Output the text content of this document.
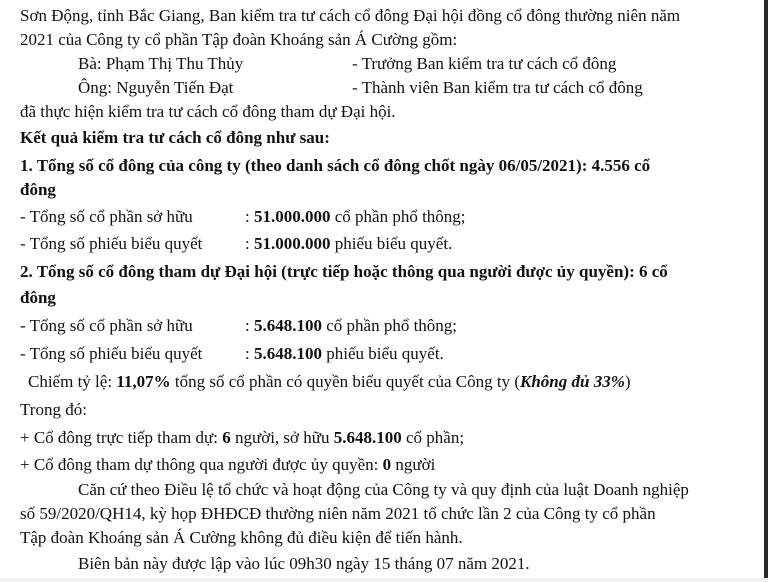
Sơn Động, tỉnh Bắc Giang, Ban kiểm tra tư cách cổ đông Đại hội đồng cổ đông thường niên năm
2021 của Công ty cổ phần Tập đoàn Khoáng sản Á Cường gồm:
Bà: Phạm Thị Thu Thủy	- Trưởng Ban kiểm tra tư cách cổ đông
Ông: Nguyễn Tiến Đạt	- Thành viên Ban kiểm tra tư cách cổ đông
đã thực hiện kiểm tra tư cách cổ đông tham dự Đại hội.
Kết quả kiểm tra tư cách cổ đông như sau:
1. Tổng số cổ đông của công ty (theo danh sách cổ đông chốt ngày 06/05/2021): 4.556 cổ
đông
- Tổng số cổ phần sở hữu	: 51.000.000 cổ phần phổ thông;
- Tổng số phiếu biểu quyết	: 51.000.000 phiếu biểu quyết.
2. Tổng số cổ đông tham dự Đại hội (trực tiếp hoặc thông qua người được ủy quyền): 6 cổ
đông
- Tổng số cổ phần sở hữu	: 5.648.100 cổ phần phổ thông;
- Tổng số phiếu biểu quyết	: 5.648.100 phiếu biểu quyết.
Chiếm tỷ lệ: 11,07% tổng số cổ phần có quyền biểu quyết của Công ty (Không đủ 33%)
Trong đó:
+ Cổ đông trực tiếp tham dự: 6 người, sở hữu 5.648.100 cổ phần;
+ Cổ đông tham dự thông qua người được ủy quyền: 0 người
Căn cứ theo Điều lệ tổ chức và hoạt động của Công ty và quy định của luật Doanh nghiệp
số 59/2020/QH14, kỳ họp ĐHĐCĐ thường niên năm 2021 tổ chức lần 2 của Công ty cổ phần
Tập đoàn Khoáng sản Á Cường không đủ điều kiện để tiến hành.
Biên bản này được lập vào lúc 09h30 ngày 15 tháng 07 năm 2021.
